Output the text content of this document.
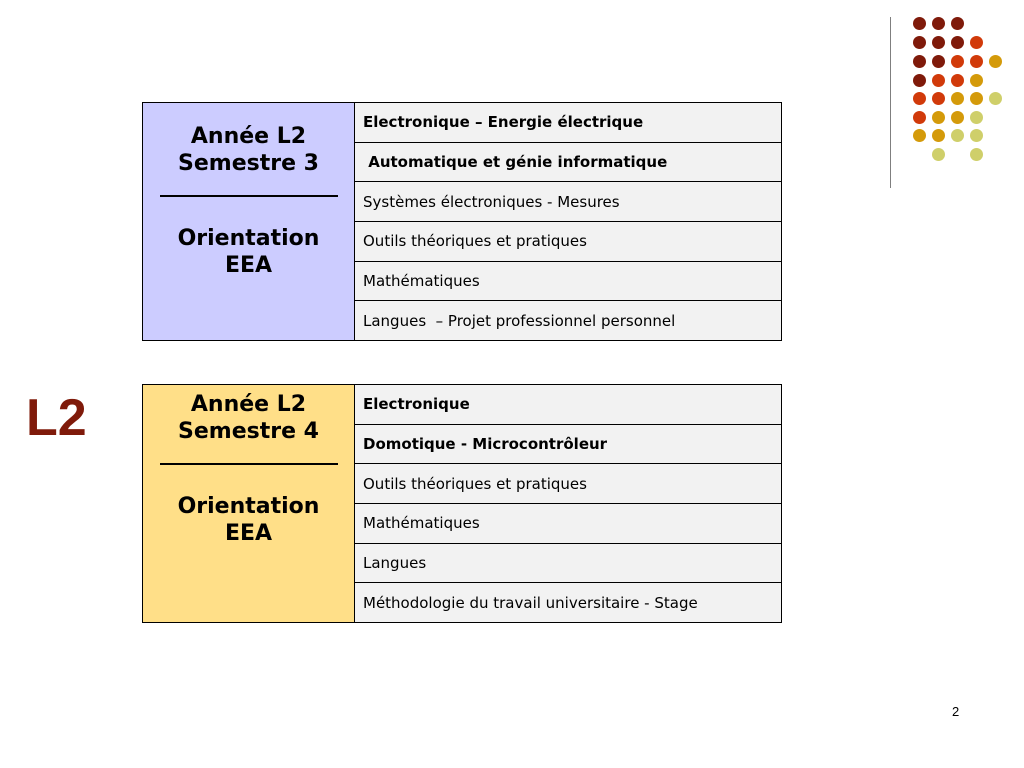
L2
Année L2
Semestre 3
Orientation
EEA
Electronique – Energie électrique
Automatique et génie informatique
Systèmes électroniques - Mesures
Outils théoriques et pratiques
Mathématiques
Langues  – Projet professionnel personnel
Année L2
Semestre 4
Orientation
EEA
Electronique
Domotique - Microcontrôleur
Outils théoriques et pratiques
Mathématiques
Langues
Méthodologie du travail universitaire - Stage
2
